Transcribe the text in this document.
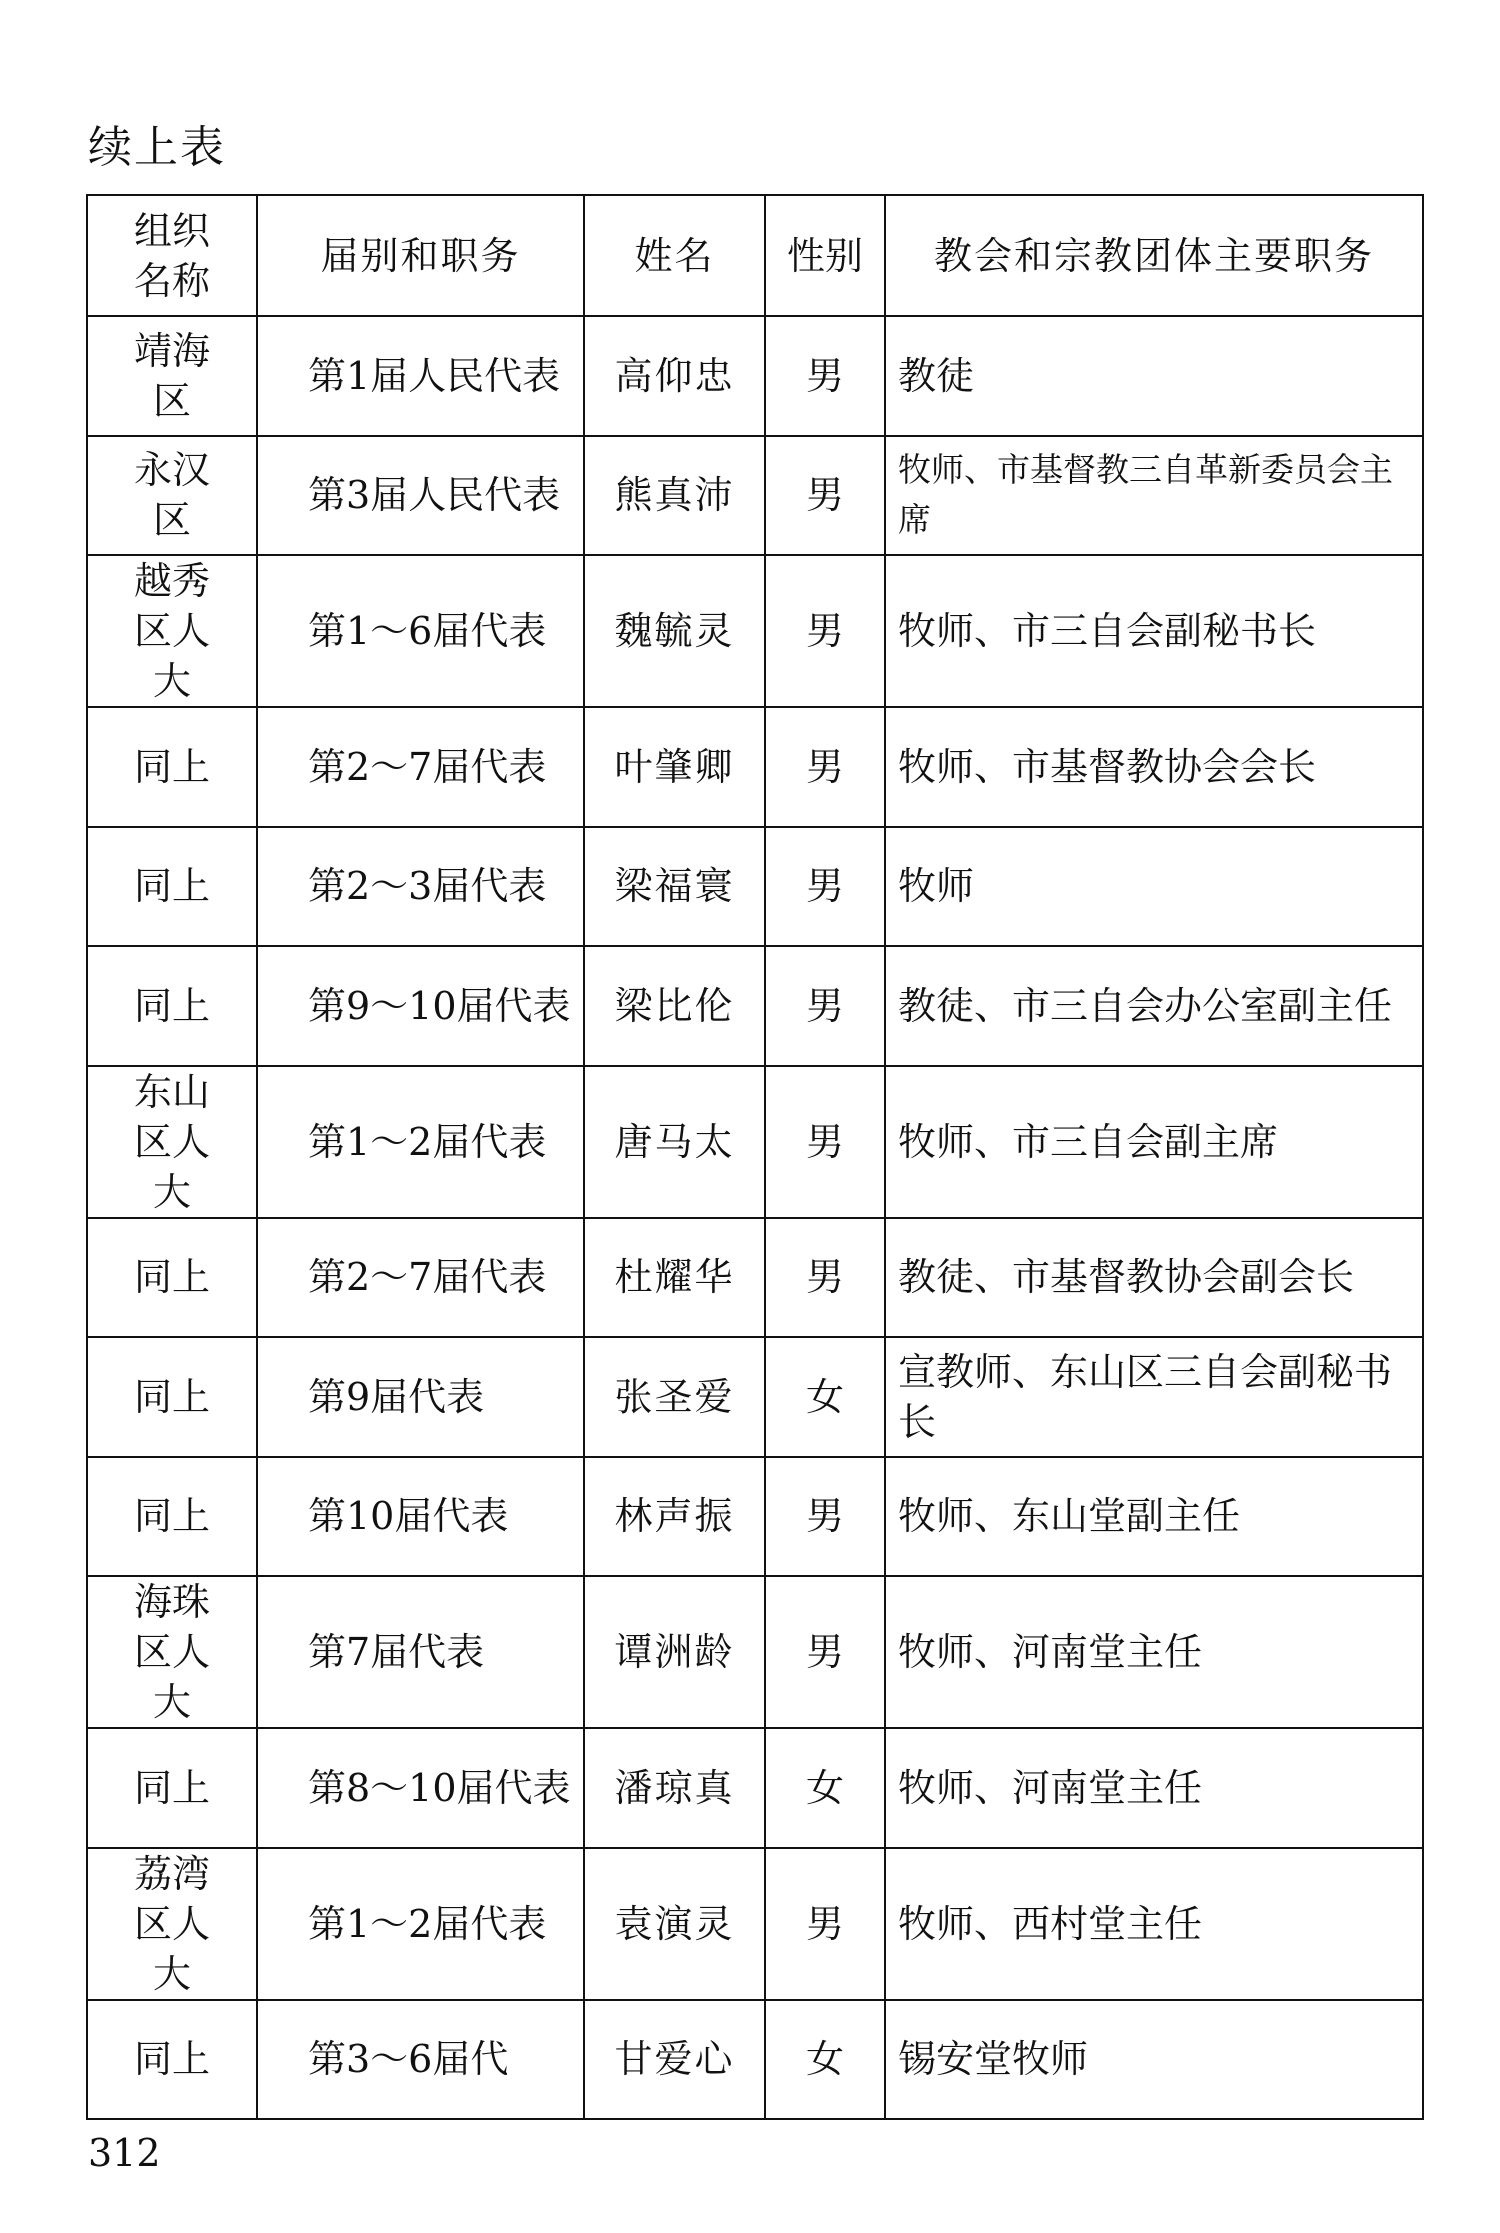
续上表
组织名称	届别和职务	姓名	性别	教会和宗教团体主要职务
靖海区	第1届人民代表	高仰忠	男	教徒
永汉区	第3届人民代表	熊真沛	男	牧师、市基督教三自革新委员会主席
越秀区人大	第1～6届代表	魏毓灵	男	牧师、市三自会副秘书长
同上	第2～7届代表	叶肇卿	男	牧师、市基督教协会会长
同上	第2～3届代表	梁福寰	男	牧师
同上	第9～10届代表	梁比伦	男	教徒、市三自会办公室副主任
东山区人大	第1～2届代表	唐马太	男	牧师、市三自会副主席
同上	第2～7届代表	杜耀华	男	教徒、市基督教协会副会长
同上	第9届代表	张圣爱	女	宣教师、东山区三自会副秘书长
同上	第10届代表	林声振	男	牧师、东山堂副主任
海珠区人大	第7届代表	谭洲龄	男	牧师、河南堂主任
同上	第8～10届代表	潘琼真	女	牧师、河南堂主任
荔湾区人大	第1～2届代表	袁演灵	男	牧师、西村堂主任
同上	第3～6届代	甘爱心	女	锡安堂牧师
312
